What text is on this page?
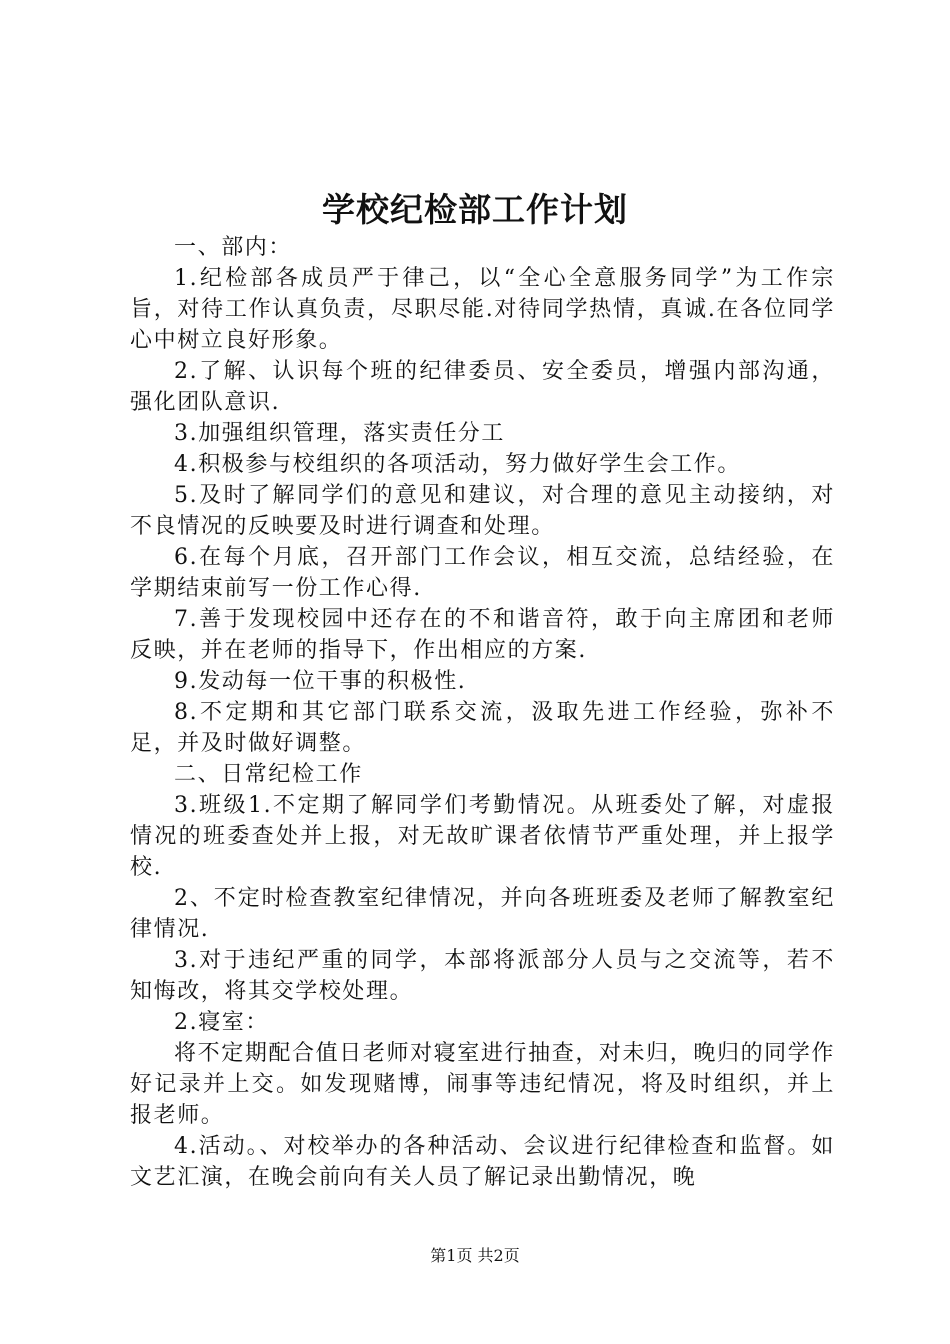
学校纪检部工作计划

一、部内：

1.纪检部各成员严于律己，以“全心全意服务同学”为工作宗旨，对待工作认真负责，尽职尽能.对待同学热情，真诚.在各位同学心中树立良好形象。

2.了解、认识每个班的纪律委员、安全委员，增强内部沟通，强化团队意识.

3.加强组织管理，落实责任分工

4.积极参与校组织的各项活动，努力做好学生会工作。

5.及时了解同学们的意见和建议，对合理的意见主动接纳，对不良情况的反映要及时进行调查和处理。

6.在每个月底，召开部门工作会议，相互交流，总结经验，在学期结束前写一份工作心得.

7.善于发现校园中还存在的不和谐音符，敢于向主席团和老师反映，并在老师的指导下，作出相应的方案.

9.发动每一位干事的积极性.

8.不定期和其它部门联系交流，汲取先进工作经验，弥补不足，并及时做好调整。

二、日常纪检工作

3.班级1.不定期了解同学们考勤情况。从班委处了解，对虚报情况的班委查处并上报，对无故旷课者依情节严重处理，并上报学校.

2、不定时检查教室纪律情况，并向各班班委及老师了解教室纪律情况.

3.对于违纪严重的同学，本部将派部分人员与之交流等，若不知悔改，将其交学校处理。

2.寝室：

将不定期配合值日老师对寝室进行抽查，对未归，晚归的同学作好记录并上交。如发现赌博，闹事等违纪情况，将及时组织，并上报老师。

4.活动。、对校举办的各种活动、会议进行纪律检查和监督。如文艺汇演，在晚会前向有关人员了解记录出勤情况，晚

第1页 共2页
